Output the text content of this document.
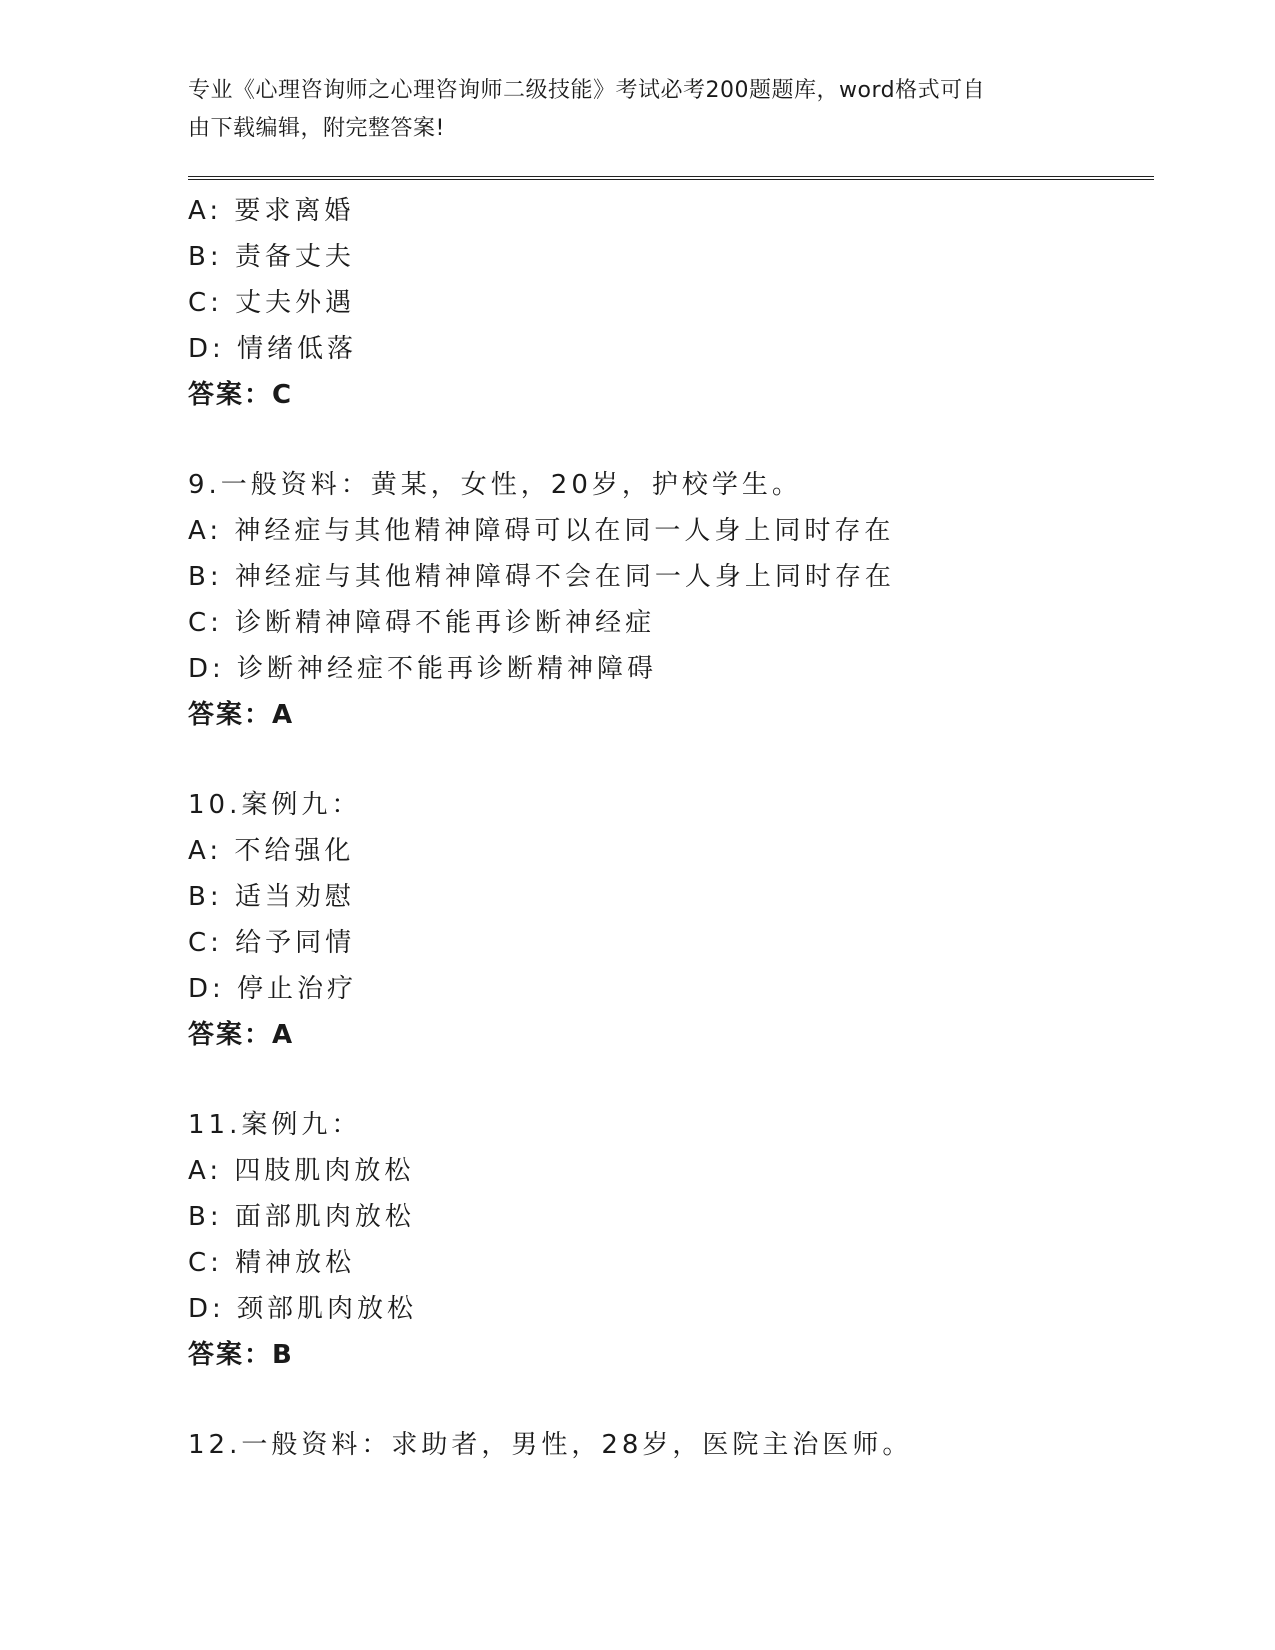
专业《心理咨询师之心理咨询师二级技能》考试必考200题题库，word格式可自
由下载编辑，附完整答案!
A: 要求离婚
B: 责备丈夫
C: 丈夫外遇
D: 情绪低落
答案：C
9.一般资料：黄某，女性，20岁，护校学生。
A: 神经症与其他精神障碍可以在同一人身上同时存在
B: 神经症与其他精神障碍不会在同一人身上同时存在
C: 诊断精神障碍不能再诊断神经症
D: 诊断神经症不能再诊断精神障碍
答案：A
10.案例九：
A: 不给强化
B: 适当劝慰
C: 给予同情
D: 停止治疗
答案：A
11.案例九：
A: 四肢肌肉放松
B: 面部肌肉放松
C: 精神放松
D: 颈部肌肉放松
答案：B
12.一般资料：求助者，男性，28岁，医院主治医师。
